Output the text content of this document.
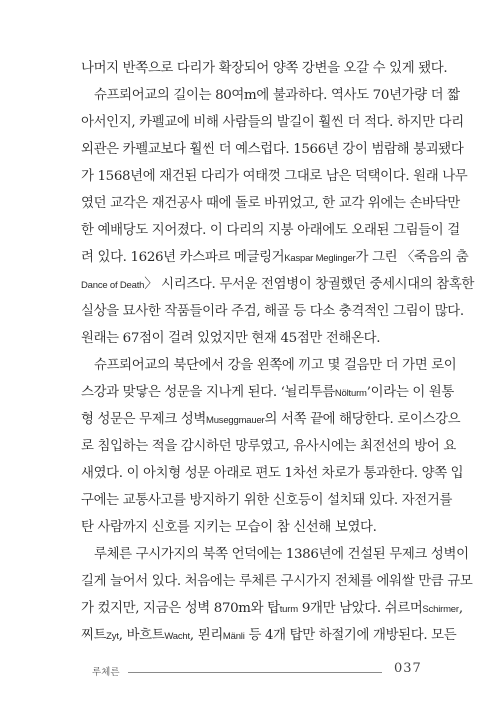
나머지 반쪽으로 다리가 확장되어 양쪽 강변을 오갈 수 있게 됐다.
슈프뢰어교의 길이는 80여m에 불과하다. 역사도 70년가량 더 짧
아서인지, 카펠교에 비해 사람들의 발길이 훨씬 더 적다. 하지만 다리
외관은 카펠교보다 훨씬 더 예스럽다. 1566년 강이 범람해 붕괴됐다
가 1568년에 재건된 다리가 여태껏 그대로 남은 덕택이다. 원래 나무
였던 교각은 재건공사 때에 돌로 바뀌었고, 한 교각 위에는 손바닥만
한 예배당도 지어졌다. 이 다리의 지붕 아래에도 오래된 그림들이 걸
려 있다. 1626년 카스파르 메글링거Kaspar Meglinger가 그린 〈죽음의 춤
Dance of Death〉 시리즈다. 무서운 전염병이 창궐했던 중세시대의 참혹한
실상을 묘사한 작품들이라 주검, 해골 등 다소 충격적인 그림이 많다.
원래는 67점이 걸려 있었지만 현재 45점만 전해온다.
슈프뢰어교의 북단에서 강을 왼쪽에 끼고 몇 걸음만 더 가면 로이
스강과 맞닿은 성문을 지나게 된다. ‘뇔리투름Nölturm’이라는 이 원통
형 성문은 무제크 성벽Museggmauer의 서쪽 끝에 해당한다. 로이스강으
로 침입하는 적을 감시하던 망루였고, 유사시에는 최전선의 방어 요
새였다. 이 아치형 성문 아래로 편도 1차선 차로가 통과한다. 양쪽 입
구에는 교통사고를 방지하기 위한 신호등이 설치돼 있다. 자전거를
탄 사람까지 신호를 지키는 모습이 참 신선해 보였다.
루체른 구시가지의 북쪽 언덕에는 1386년에 건설된 무제크 성벽이
길게 늘어서 있다. 처음에는 루체른 구시가지 전체를 에워쌀 만큼 규모
가 컸지만, 지금은 성벽 870m와 탑turm 9개만 남았다. 쉬르머Schirmer,
찌트Zyt, 바흐트Wacht, 묀리Mänli 등 4개 탑만 하절기에 개방된다. 모든
루체른	037
